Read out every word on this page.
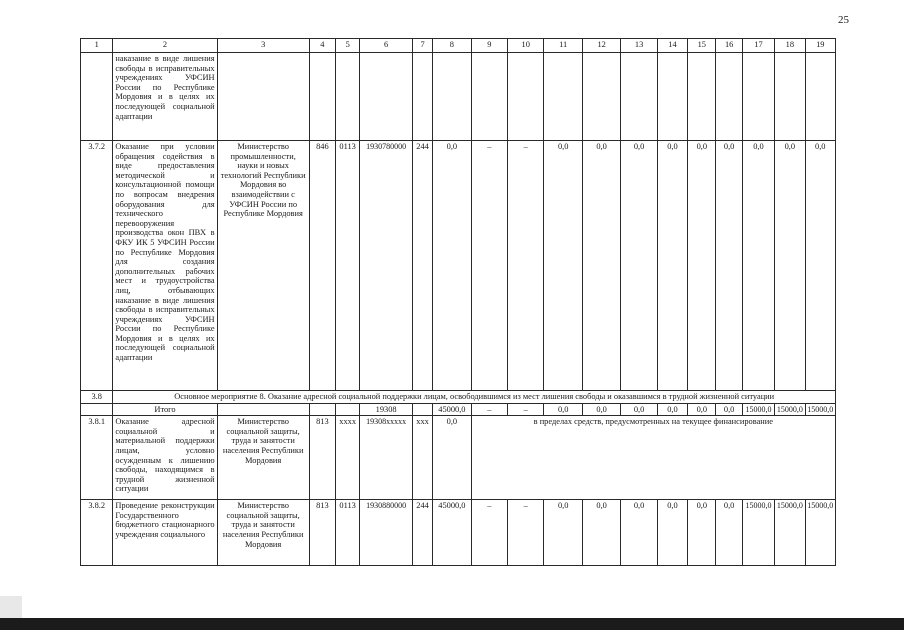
25
1	2	3	4	5	6	7	8	9	10	11	12	13	14	15	16	17	18	19
	наказание в виде лишения свободы в исправительных учреждениях УФСИН России по Республике Мордовия и в целях их последующей социальной адаптации																	
3.7.2	Оказание при условии обращения содействия в виде предоставления методической и консультационной помощи по вопросам внедрения оборудования для технического перевооружения производства окон ПВХ в ФКУ ИК 5 УФСИН России по Республике Мордовия для создания дополнительных рабочих мест и трудоустройства лиц, отбывающих наказание в виде лишения свободы в исправительных учреждениях УФСИН России по Республике Мордовия и в целях их последующей социальной адаптации	Министерство промышленности, науки и новых технологий Республики Мордовия во взаимодействии с УФСИН России по Республике Мордовия	846	0113	1930780000	244	0,0	–	–	0,0	0,0	0,0	0,0	0,0	0,0	0,0	0,0	0,0
3.8	Основное мероприятие 8. Оказание адресной социальной поддержки лицам, освободившимся из мест лишения свободы и оказавшимся в трудной жизненной ситуации																	
	Итого				19308		45000,0	–	–	0,0	0,0	0,0	0,0	0,0	0,0	15000,0	15000,0	15000,0
3.8.1	Оказание адресной социальной и материальной поддержки лицам, условно осужденным к лишению свободы, находящимся в трудной жизненной ситуации	Министерство социальной защиты, труда и занятости населения Республики Мордовия	813	xxxx	19308xxxxx	xxx	0,0	в пределах средств, предусмотренных на текущее финансирование										
3.8.2	Проведение реконструкции Государственного бюджетного стационарного учреждения социального	Министерство социальной защиты, труда и занятости населения Республики Мордовия	813	0113	1930880000	244	45000,0	–	–	0,0	0,0	0,0	0,0	0,0	0,0	15000,0	15000,0	15000,0
